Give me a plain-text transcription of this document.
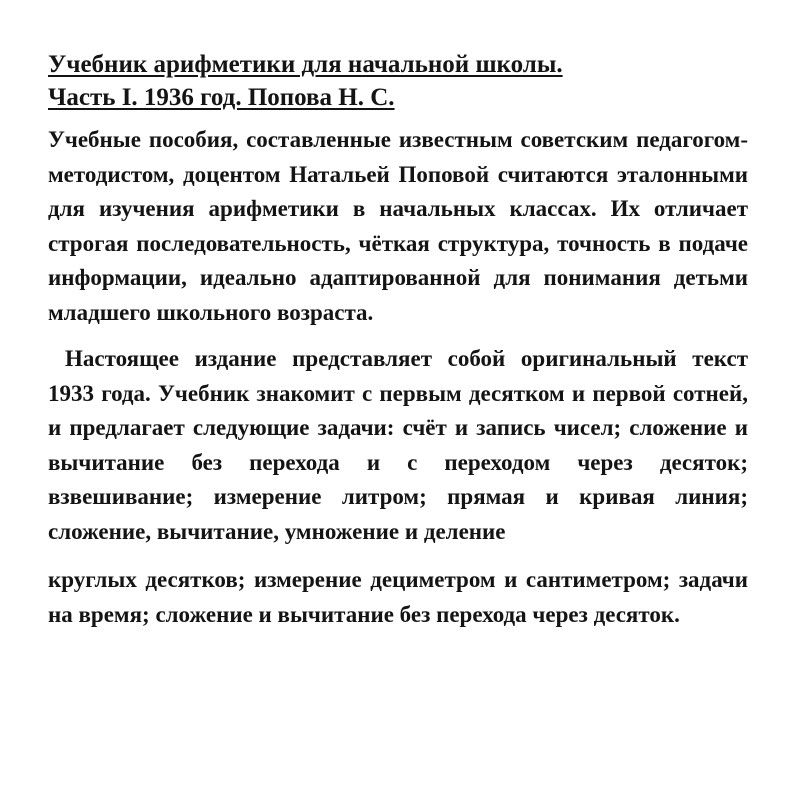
Учебник арифметики для начальной школы.
Часть I. 1936 год. Попова Н. С.

Учебные пособия, составленные известным советским педагогом-методистом, доцентом Натальей Поповой считаются эталонными для изучения арифметики в начальных классах. Их отличает строгая последовательность, чёткая структура, точность в подаче информации, идеально адаптированной для понимания детьми младшего школьного возраста.

Настоящее издание представляет собой оригинальный текст 1933 года. Учебник знакомит с первым десятком и первой сотней, и предлагает следующие задачи: счёт и запись чисел; сложение и вычитание без перехода и с переходом через десяток; взвешивание; измерение литром; прямая и кривая линия; сложение, вычитание, умножение и деление

круглых десятков; измерение дециметром и сантиметром; задачи на время; сложение и вычитание без перехода через десяток.
